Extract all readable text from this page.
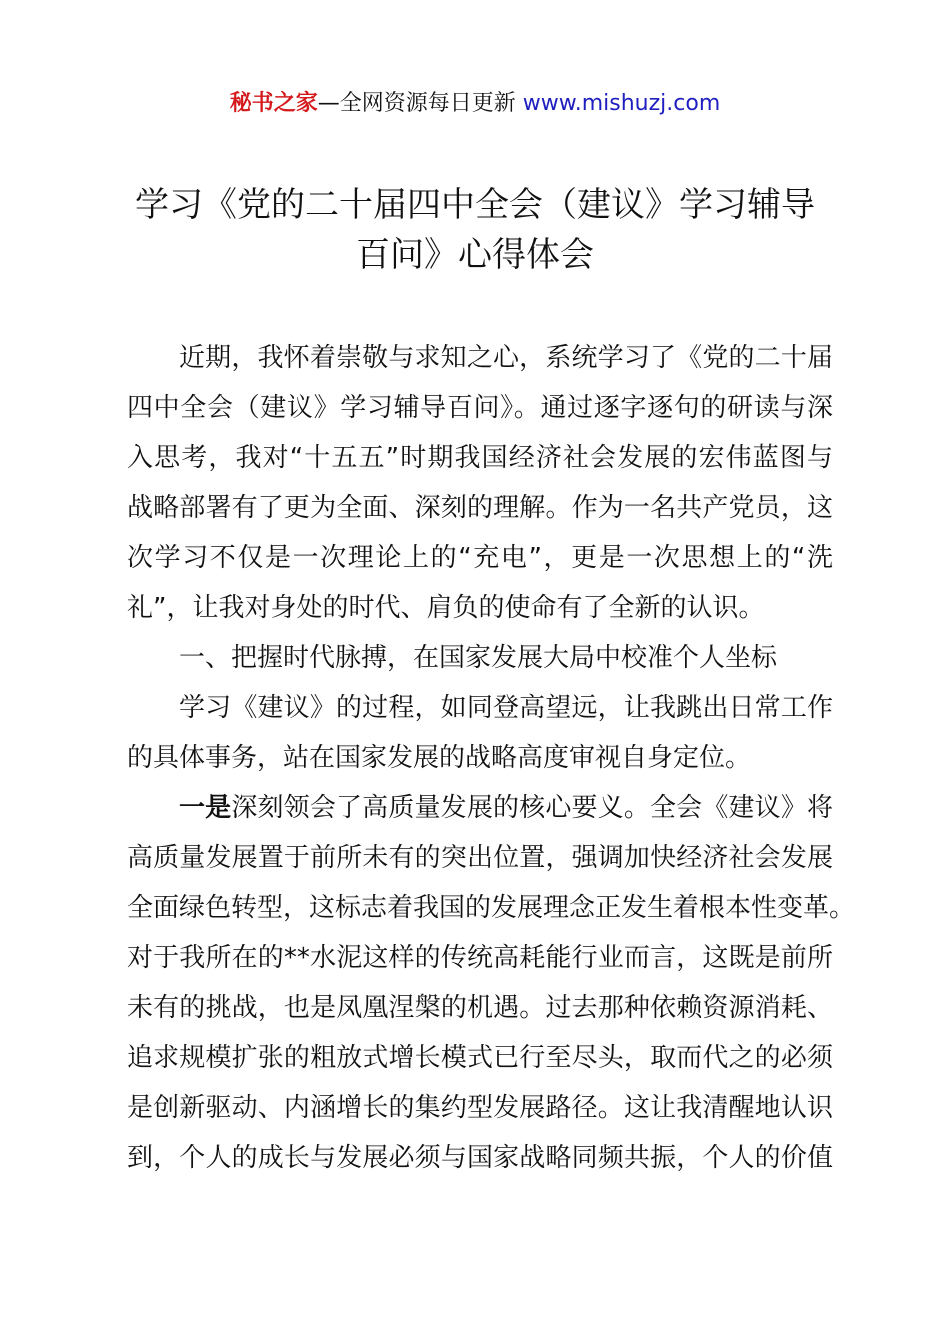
秘书之家—全网资源每日更新 www.mishuzj.com
学习《党的二十届四中全会（建议》学习辅导
百问》心得体会
近期，我怀着崇敬与求知之心，系统学习了《党的二十届
四中全会（建议》学习辅导百问》。通过逐字逐句的研读与深
入思考，我对“十五五”时期我国经济社会发展的宏伟蓝图与
战略部署有了更为全面、深刻的理解。作为一名共产党员，这
次学习不仅是一次理论上的“充电”，更是一次思想上的“洗
礼”，让我对身处的时代、肩负的使命有了全新的认识。
一、把握时代脉搏，在国家发展大局中校准个人坐标
学习《建议》的过程，如同登高望远，让我跳出日常工作
的具体事务，站在国家发展的战略高度审视自身定位。
一是深刻领会了高质量发展的核心要义。全会《建议》将
高质量发展置于前所未有的突出位置，强调加快经济社会发展
全面绿色转型，这标志着我国的发展理念正发生着根本性变革。
对于我所在的**水泥这样的传统高耗能行业而言，这既是前所
未有的挑战，也是凤凰涅槃的机遇。过去那种依赖资源消耗、
追求规模扩张的粗放式增长模式已行至尽头，取而代之的必须
是创新驱动、内涵增长的集约型发展路径。这让我清醒地认识
到，个人的成长与发展必须与国家战略同频共振，个人的价值
